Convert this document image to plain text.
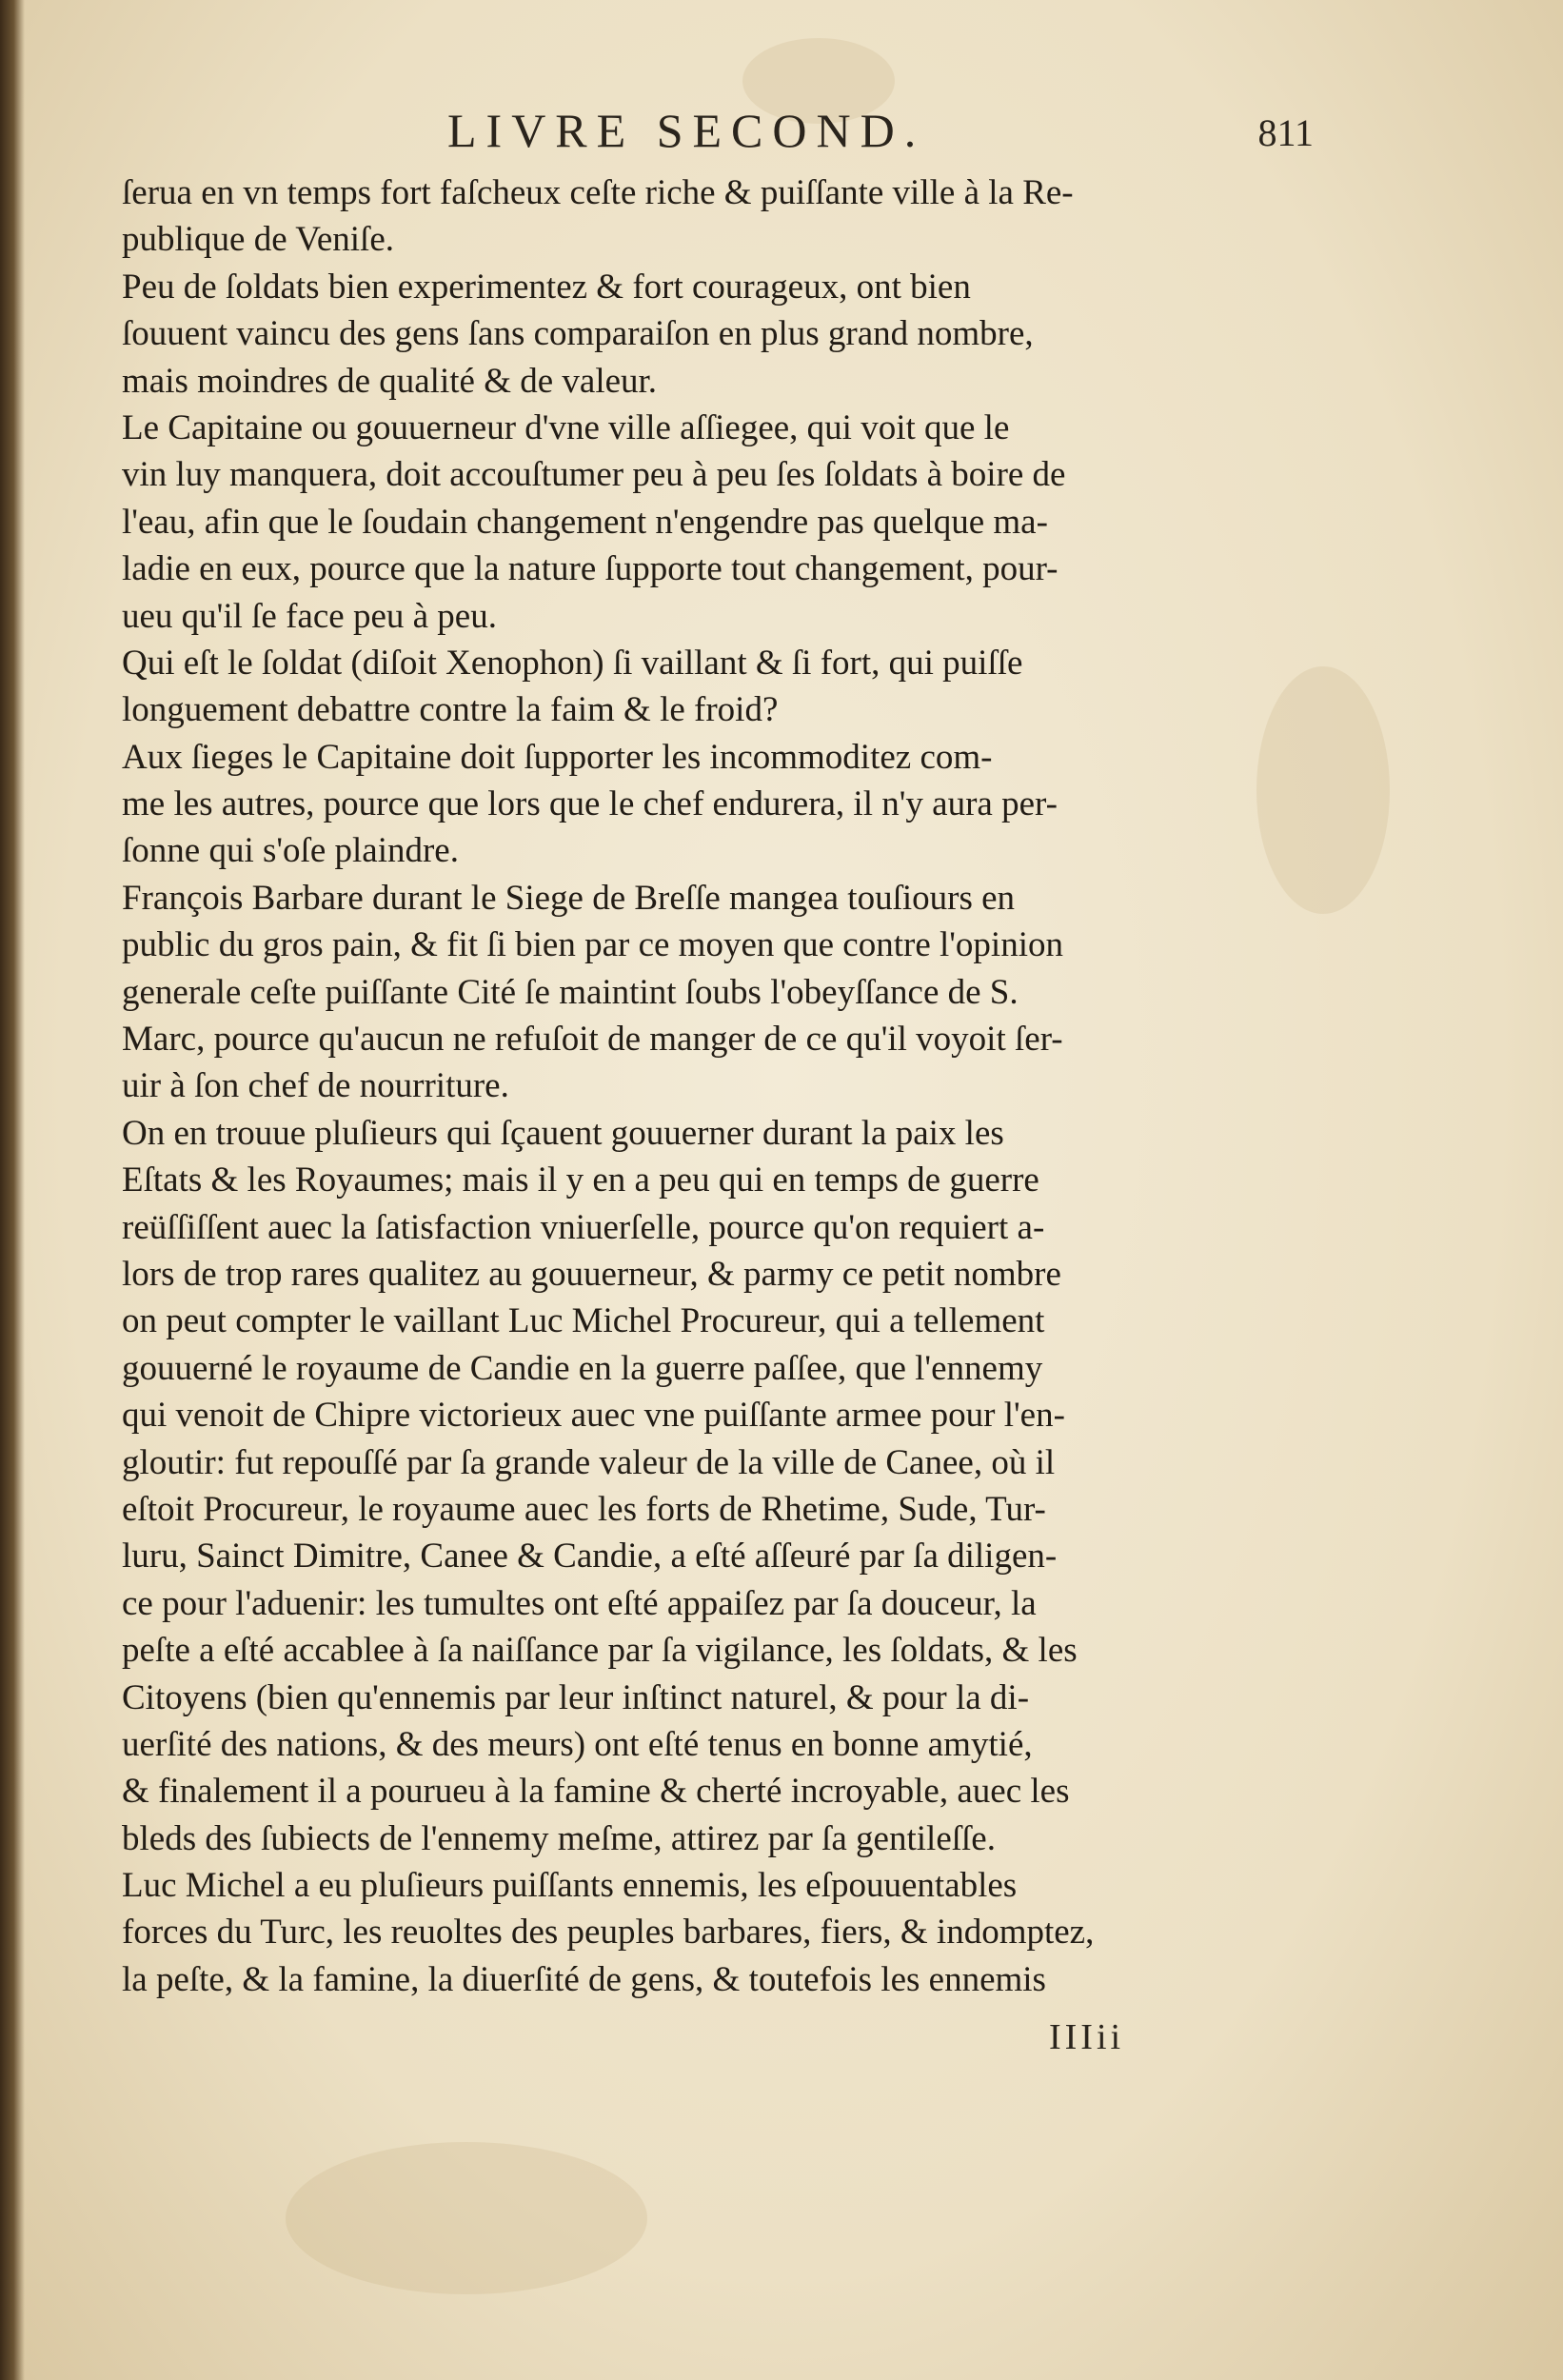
LIVRE SECOND.	811
ſerua en vn temps fort faſcheux ceſte riche & puiſſante ville à la Re-
publique de Veniſe.
Peu de ſoldats bien experimentez & fort courageux, ont bien
ſouuent vaincu des gens ſans comparaiſon en plus grand nombre,
mais moindres de qualité & de valeur.
Le Capitaine ou gouuerneur d'vne ville aſſiegee, qui voit que le
vin luy manquera, doit accouſtumer peu à peu ſes ſoldats à boire de
l'eau, afin que le ſoudain changement n'engendre pas quelque ma-
ladie en eux, pource que la nature ſupporte tout changement, pour-
ueu qu'il ſe face peu à peu.
Qui eſt le ſoldat (diſoit Xenophon) ſi vaillant & ſi fort, qui puiſſe
longuement debattre contre la faim & le froid?
Aux ſieges le Capitaine doit ſupporter les incommoditez com-
me les autres, pource que lors que le chef endurera, il n'y aura per-
ſonne qui s'oſe plaindre.
François Barbare durant le Siege de Breſſe mangea touſiours en
public du gros pain, & fit ſi bien par ce moyen que contre l'opinion
generale ceſte puiſſante Cité ſe maintint ſoubs l'obeyſſance de S.
Marc, pource qu'aucun ne refuſoit de manger de ce qu'il voyoit ſer-
uir à ſon chef de nourriture.
On en trouue pluſieurs qui ſçauent gouuerner durant la paix les
Eſtats & les Royaumes; mais il y en a peu qui en temps de guerre
reüſſiſſent auec la ſatisfaction vniuerſelle, pource qu'on requiert a-
lors de trop rares qualitez au gouuerneur, & parmy ce petit nombre
on peut compter le vaillant Luc Michel Procureur, qui a tellement
gouuerné le royaume de Candie en la guerre paſſee, que l'ennemy
qui venoit de Chipre victorieux auec vne puiſſante armee pour l'en-
gloutir: fut repouſſé par ſa grande valeur de la ville de Canee, où il
eſtoit Procureur, le royaume auec les forts de Rhetime, Sude, Tur-
luru, Sainct Dimitre, Canee & Candie, a eſté aſſeuré par ſa diligen-
ce pour l'aduenir: les tumultes ont eſté appaiſez par ſa douceur, la
peſte a eſté accablee à ſa naiſſance par ſa vigilance, les ſoldats, & les
Citoyens (bien qu'ennemis par leur inſtinct naturel, & pour la di-
uerſité des nations, & des meurs) ont eſté tenus en bonne amytié,
& finalement il a pourueu à la famine & cherté incroyable, auec les
bleds des ſubiects de l'ennemy meſme, attirez par ſa gentileſſe.
Luc Michel a eu pluſieurs puiſſants ennemis, les eſpouuentables
forces du Turc, les reuoltes des peuples barbares, fiers, & indomptez,
la peſte, & la famine, la diuerſité de gens, & toutefois les ennemis
IIIii
